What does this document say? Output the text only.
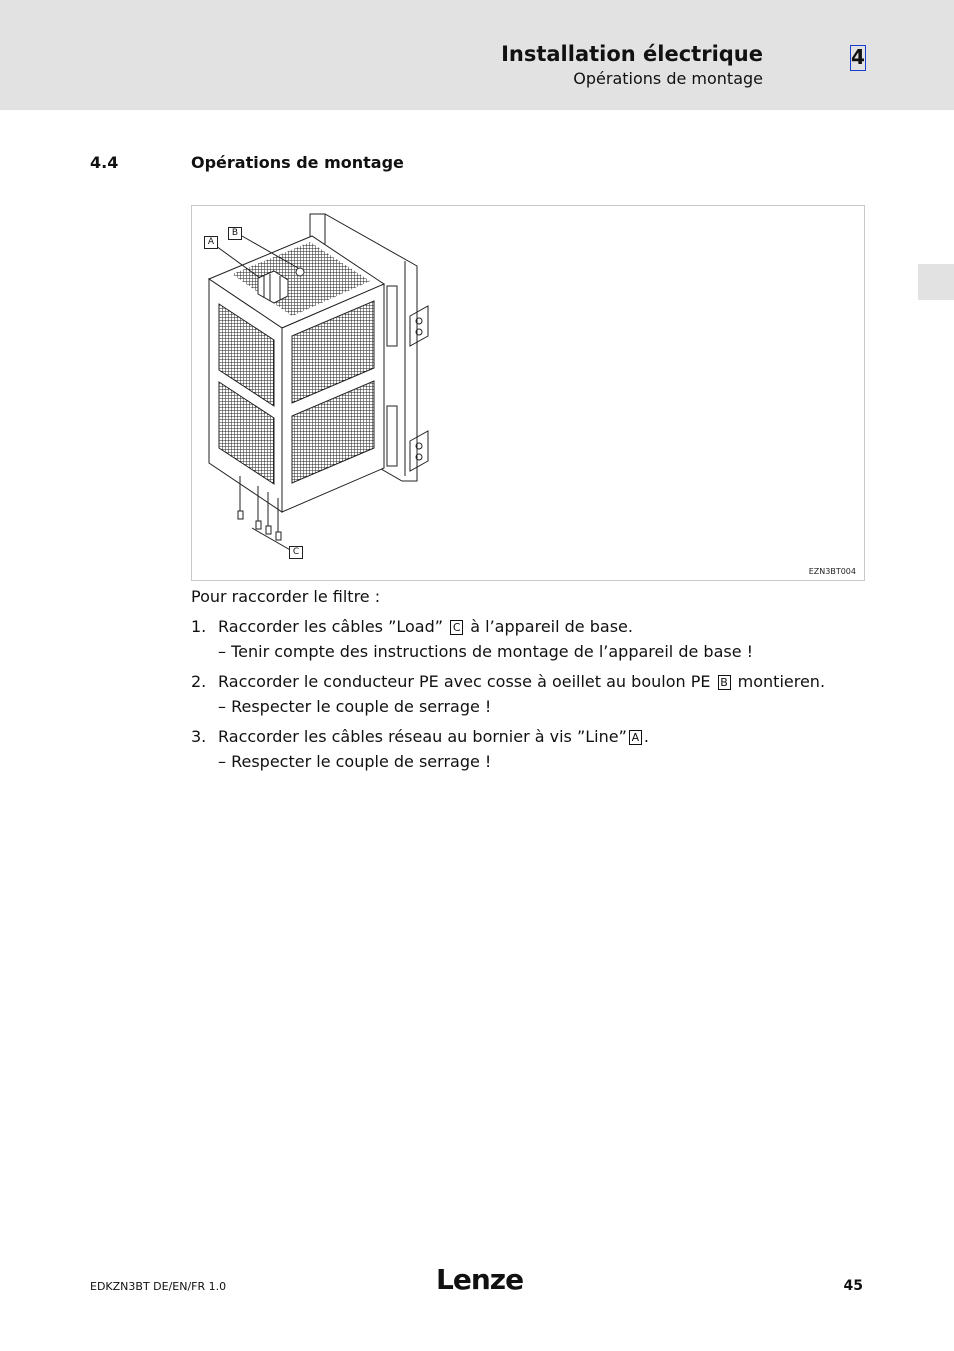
Installation électrique
Opérations de montage
4
4.4	Opérations de montage
A
B
C
EZN3BT004
Pour raccorder le filtre :
1. Raccorder les câbles ”Load” C à l’appareil de base.
– Tenir compte des instructions de montage de l’appareil de base !
2. Raccorder le conducteur PE avec cosse à oeillet au boulon PE B montieren.
– Respecter le couple de serrage !
3. Raccorder les câbles réseau au bornier à vis ”Line” A .
– Respecter le couple de serrage !
EDKZN3BT DE/EN/FR 1.0	Lenze	45
